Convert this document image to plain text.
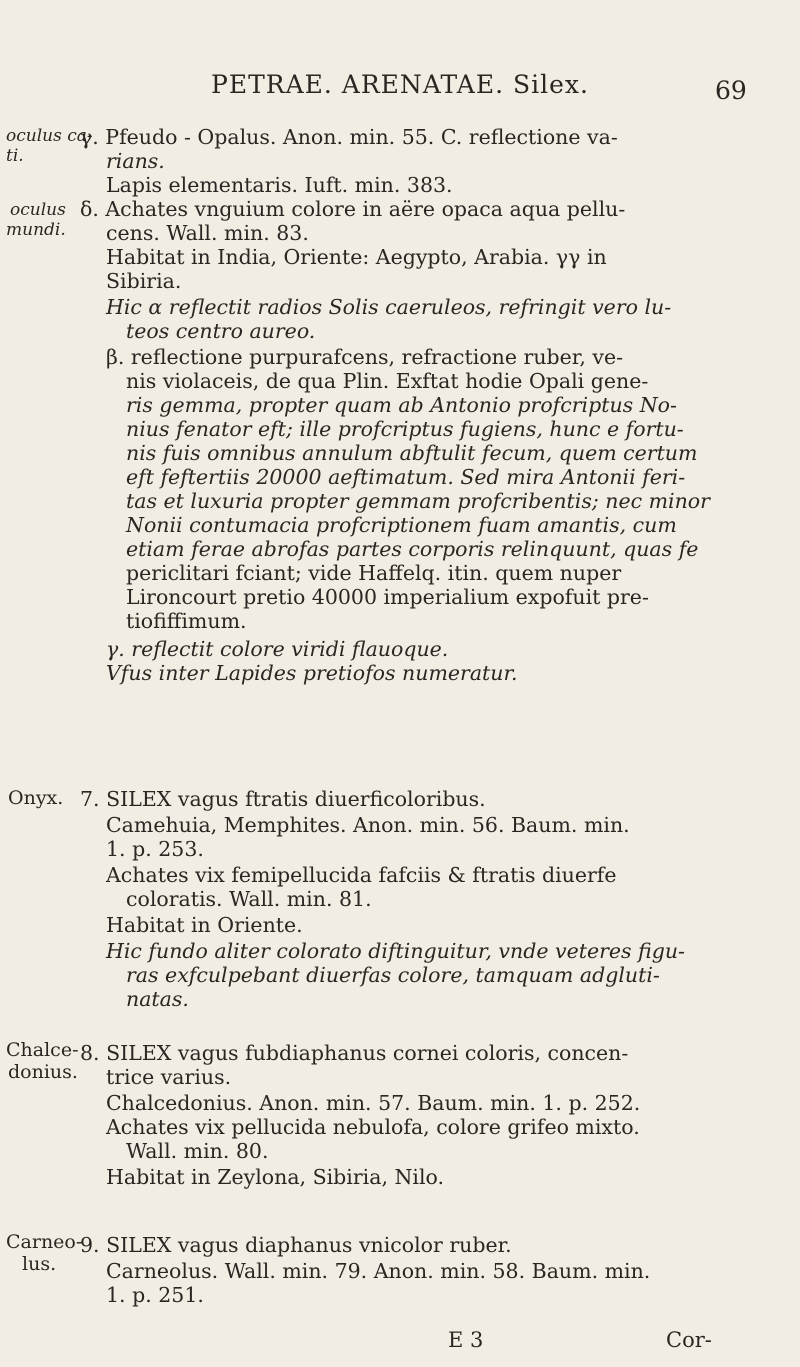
PETRAE. ARENATAE. Silex.	69
oculus ca-
ti.
oculus
mundi.
Onyx.
Chalce-
donius.
Carneo-
lus.
γ. Pfeudo - Opalus. Anon. min. 55. C. reflectione va-
rians.
Lapis elementaris. Iuft. min. 383.
δ. Achates vnguium colore in aëre opaca aqua pellu-
cens. Wall. min. 83.
Habitat in India, Oriente: Aegypto, Arabia. γγ in
Sibiria.
Hic α reflectit radios Solis caeruleos, refringit vero lu-
teos centro aureo.
β. reflectione purpurafcens, refractione ruber, ve-
nis violaceis, de qua Plin. Exftat hodie Opali gene-
ris gemma, propter quam ab Antonio profcriptus No-
nius fenator eft; ille profcriptus fugiens, hunc e fortu-
nis fuis omnibus annulum abftulit fecum, quem certum
eft feftertiis 20000 aeftimatum. Sed mira Antonii feri-
tas et luxuria propter gemmam profcribentis; nec minor
Nonii contumacia profcriptionem fuam amantis, cum
etiam ferae abrofas partes corporis relinquunt, quas fe
periclitari fciant; vide Haffelq. itin. quem nuper
Lironcourt pretio 40000 imperialium expofuit pre-
tiofiffimum.
γ. reflectit colore viridi flauoque.
Vfus inter Lapides pretiofos numeratur.
7. SILEX vagus ftratis diuerficoloribus.
Camehuia, Memphites. Anon. min. 56. Baum. min.
1. p. 253.
Achates vix femipellucida fafciis & ftratis diuerfe
coloratis. Wall. min. 81.
Habitat in Oriente.
Hic fundo aliter colorato diftinguitur, vnde veteres figu-
ras exfculpebant diuerfas colore, tamquam adgluti-
natas.
8. SILEX vagus fubdiaphanus cornei coloris, concen-
trice varius.
Chalcedonius. Anon. min. 57. Baum. min. 1. p. 252.
Achates vix pellucida nebulofa, colore grifeo mixto.
Wall. min. 80.
Habitat in Zeylona, Sibiria, Nilo.
9. SILEX vagus diaphanus vnicolor ruber.
Carneolus. Wall. min. 79. Anon. min. 58. Baum. min.
1. p. 251.
E 3	Cor-
